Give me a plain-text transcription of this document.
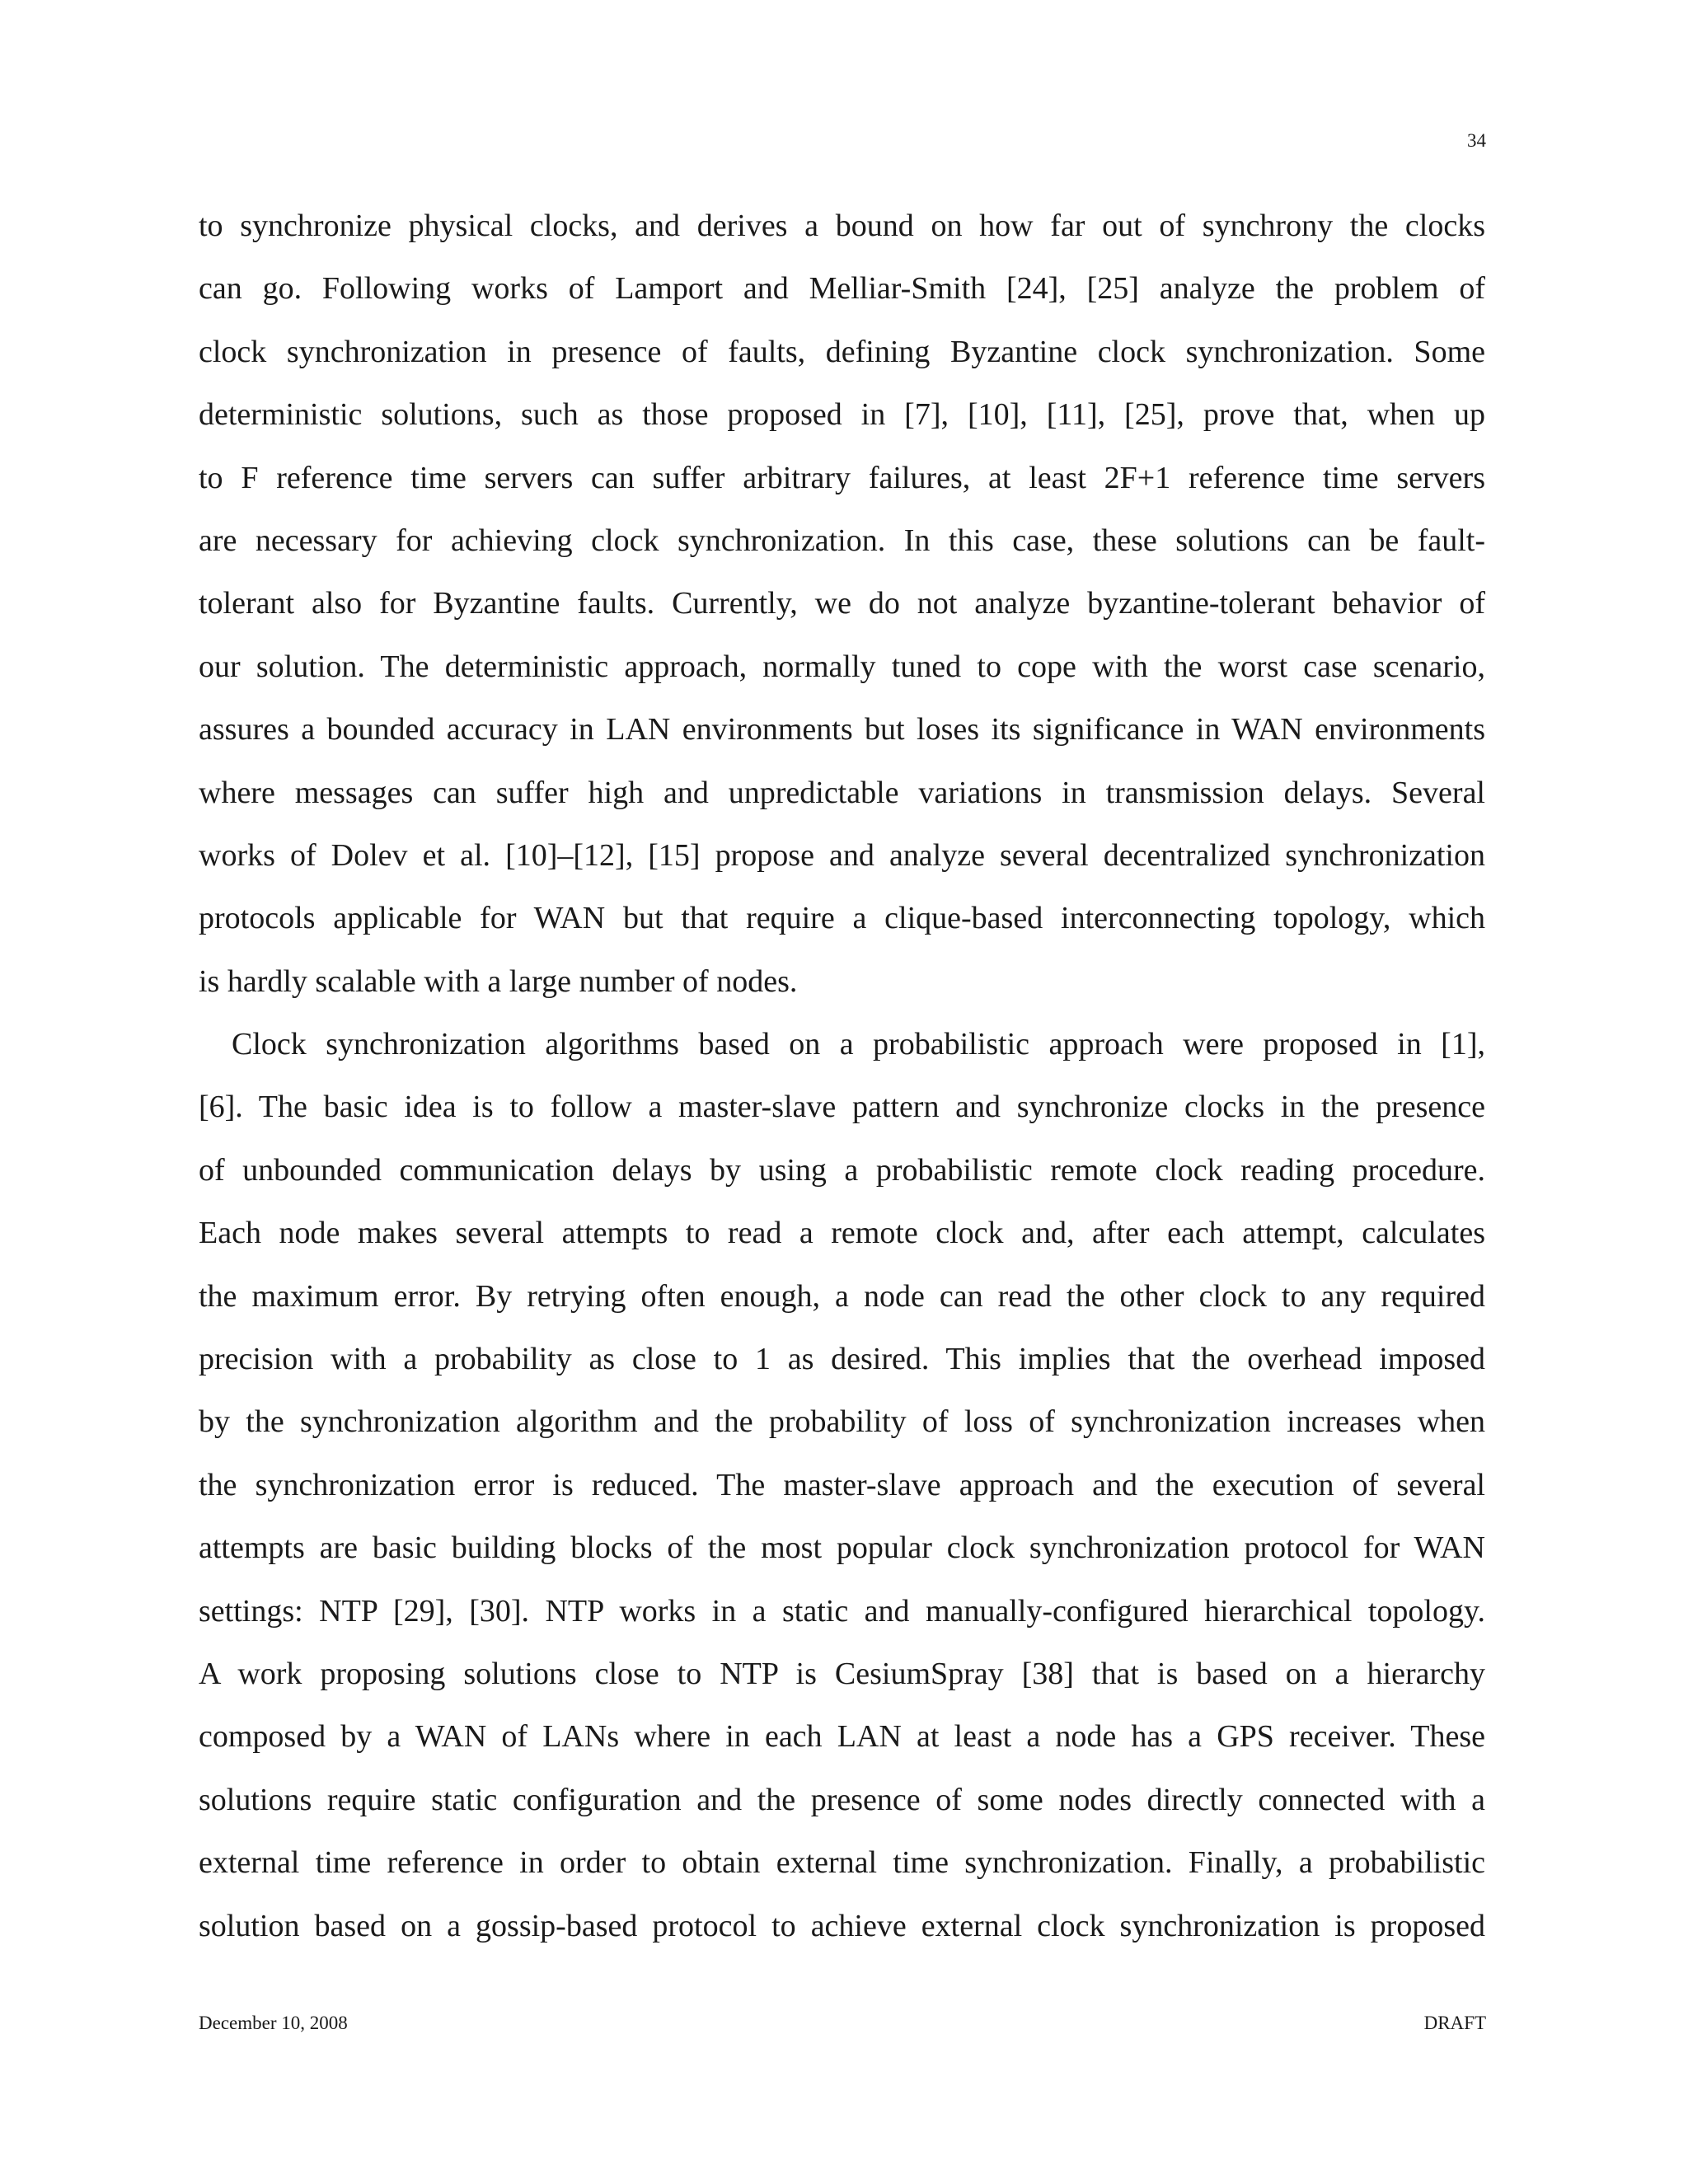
34
to synchronize physical clocks, and derives a bound on how far out of synchrony the clocks
can go. Following works of Lamport and Melliar-Smith [24], [25] analyze the problem of
clock synchronization in presence of faults, defining Byzantine clock synchronization. Some
deterministic solutions, such as those proposed in [7], [10], [11], [25], prove that, when up
to F reference time servers can suffer arbitrary failures, at least 2F+1 reference time servers
are necessary for achieving clock synchronization. In this case, these solutions can be fault-
tolerant also for Byzantine faults. Currently, we do not analyze byzantine-tolerant behavior of
our solution. The deterministic approach, normally tuned to cope with the worst case scenario,
assures a bounded accuracy in LAN environments but loses its significance in WAN environments
where messages can suffer high and unpredictable variations in transmission delays. Several
works of Dolev et al. [10]–[12], [15] propose and analyze several decentralized synchronization
protocols applicable for WAN but that require a clique-based interconnecting topology, which
is hardly scalable with a large number of nodes.
Clock synchronization algorithms based on a probabilistic approach were proposed in [1],
[6]. The basic idea is to follow a master-slave pattern and synchronize clocks in the presence
of unbounded communication delays by using a probabilistic remote clock reading procedure.
Each node makes several attempts to read a remote clock and, after each attempt, calculates
the maximum error. By retrying often enough, a node can read the other clock to any required
precision with a probability as close to 1 as desired. This implies that the overhead imposed
by the synchronization algorithm and the probability of loss of synchronization increases when
the synchronization error is reduced. The master-slave approach and the execution of several
attempts are basic building blocks of the most popular clock synchronization protocol for WAN
settings: NTP [29], [30]. NTP works in a static and manually-configured hierarchical topology.
A work proposing solutions close to NTP is CesiumSpray [38] that is based on a hierarchy
composed by a WAN of LANs where in each LAN at least a node has a GPS receiver. These
solutions require static configuration and the presence of some nodes directly connected with a
external time reference in order to obtain external time synchronization. Finally, a probabilistic
solution based on a gossip-based protocol to achieve external clock synchronization is proposed
December 10, 2008	DRAFT
